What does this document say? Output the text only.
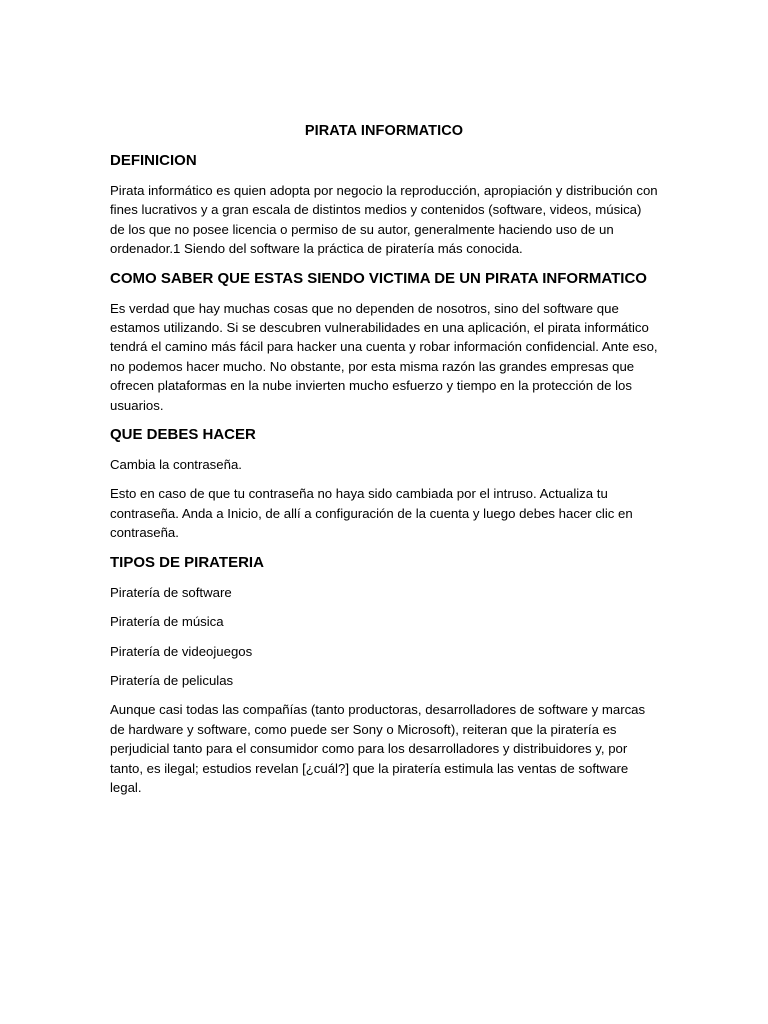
PIRATA INFORMATICO
DEFINICION

Pirata informático es quien adopta por negocio la reproducción, apropiación y distribución con fines lucrativos y a gran escala de distintos medios y contenidos (software, videos, música) de los que no posee licencia o permiso de su autor, generalmente haciendo uso de un ordenador.1 Siendo del software la práctica de piratería más conocida.

COMO SABER QUE ESTAS SIENDO VICTIMA DE UN PIRATA INFORMATICO

Es verdad que hay muchas cosas que no dependen de nosotros, sino del software que estamos utilizando. Si se descubren vulnerabilidades en una aplicación, el pirata informático tendrá el camino más fácil para hacker una cuenta y robar información confidencial. Ante eso, no podemos hacer mucho. No obstante, por esta misma razón las grandes empresas que ofrecen plataformas en la nube invierten mucho esfuerzo y tiempo en la protección de los usuarios.

QUE DEBES HACER

Cambia la contraseña.

Esto en caso de que tu contraseña no haya sido cambiada por el intruso. Actualiza tu contraseña. Anda a Inicio, de allí a configuración de la cuenta y luego debes hacer clic en contraseña.

TIPOS DE PIRATERIA

Piratería de software

Piratería de música

Piratería de videojuegos

Piratería de peliculas

Aunque casi todas las compañías (tanto productoras, desarrolladores de software y marcas de hardware y software, como puede ser Sony o Microsoft), reiteran que la piratería es perjudicial tanto para el consumidor como para los desarrolladores y distribuidores y, por tanto, es ilegal; estudios revelan [¿cuál?] que la piratería estimula las ventas de software legal.
